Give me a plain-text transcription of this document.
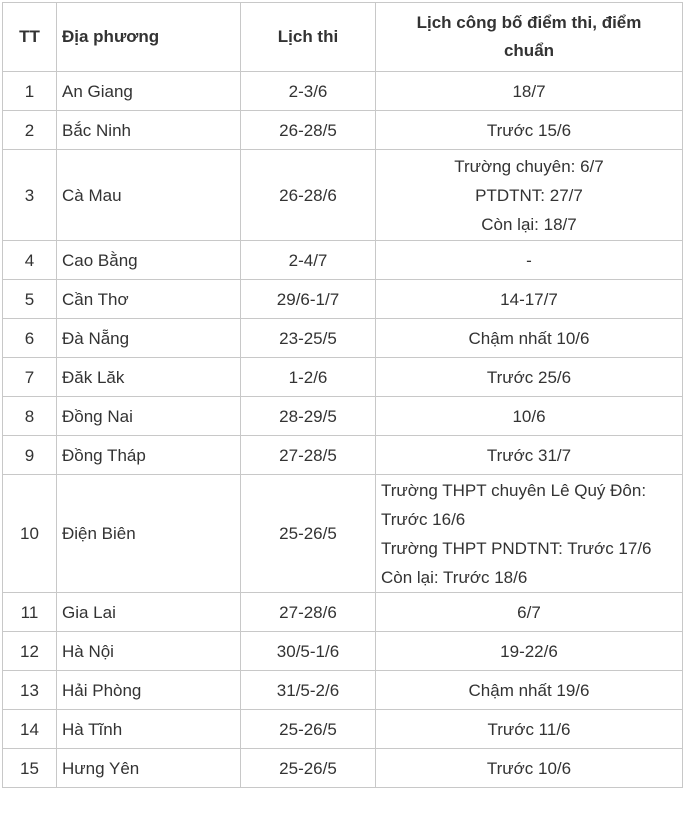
TT	Địa phương	Lịch thi	Lịch công bố điểm thi, điểm
chuẩn

1	An Giang	2-3/6	18/7

2	Bắc Ninh	26-28/5	Trước 15/6

3	Cà Mau	26-28/6	Trường chuyên: 6/7
PTDTNT: 27/7
Còn lại: 18/7

4	Cao Bằng	2-4/7	-

5	Cần Thơ	29/6-1/7	14-17/7

6	Đà Nẵng	23-25/5	Chậm nhất 10/6

7	Đăk Lăk	1-2/6	Trước 25/6

8	Đồng Nai	28-29/5	10/6

9	Đồng Tháp	27-28/5	Trước 31/7

10	Điện Biên	25-26/5	Trường THPT chuyên Lê Quý Đôn:
Trước 16/6
Trường THPT PNDTNT: Trước 17/6
Còn lại: Trước 18/6

11	Gia Lai	27-28/6	6/7

12	Hà Nội	30/5-1/6	19-22/6

13	Hải Phòng	31/5-2/6	Chậm nhất 19/6

14	Hà Tĩnh	25-26/5	Trước 11/6

15	Hưng Yên	25-26/5	Trước 10/6
